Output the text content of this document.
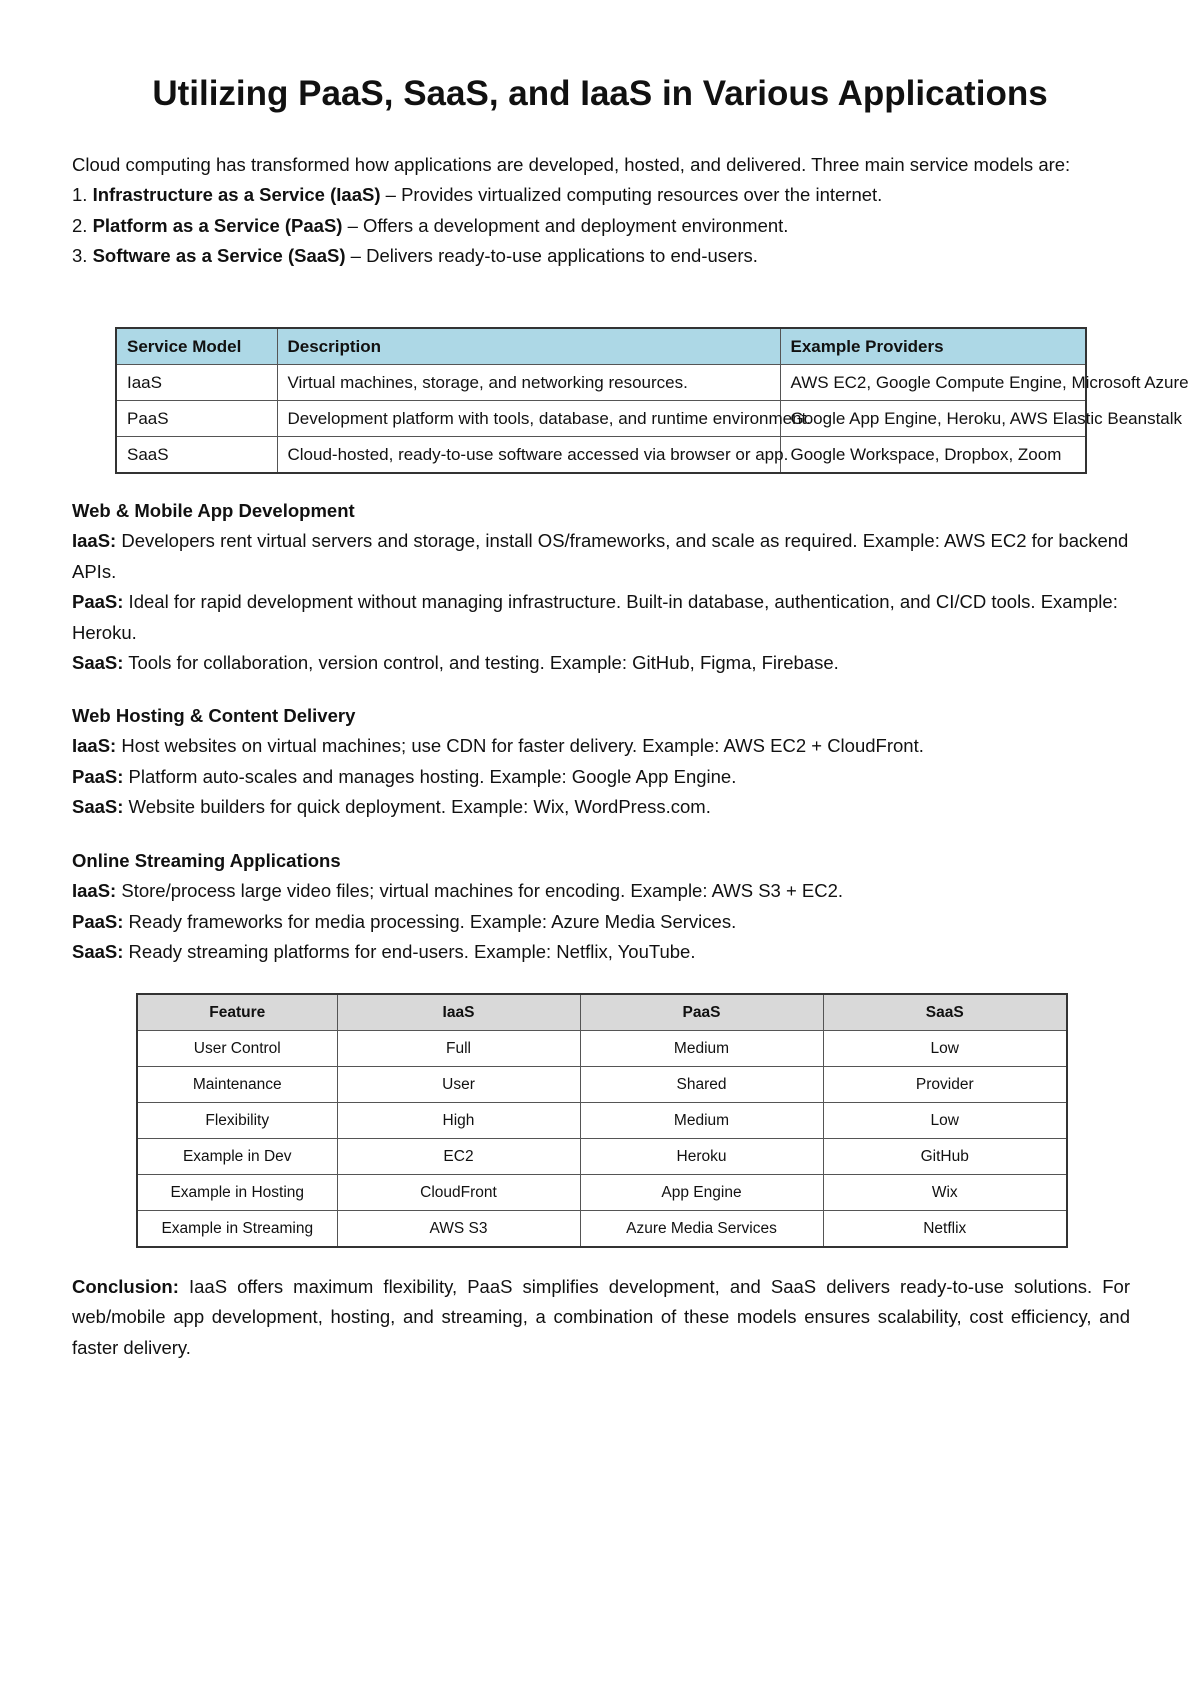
Utilizing PaaS, SaaS, and IaaS in Various Applications

Cloud computing has transformed how applications are developed, hosted, and delivered. Three main service models are:

1. Infrastructure as a Service (IaaS) – Provides virtualized computing resources over the internet.

2. Platform as a Service (PaaS) – Offers a development and deployment environment.

3. Software as a Service (SaaS) – Delivers ready-to-use applications to end-users.

Service Model	Description	Example Providers
IaaS	Virtual machines, storage, and networking resources.	AWS EC2, Google Compute Engine, Microsoft Azure
PaaS	Development platform with tools, database, and runtime environment.	Google App Engine, Heroku, AWS Elastic Beanstalk
SaaS	Cloud-hosted, ready-to-use software accessed via browser or app.	Google Workspace, Dropbox, Zoom

Web & Mobile App Development

IaaS: Developers rent virtual servers and storage, install OS/frameworks, and scale as required. Example: AWS EC2 for backend APIs.

PaaS: Ideal for rapid development without managing infrastructure. Built-in database, authentication, and CI/CD tools. Example: Heroku.

SaaS: Tools for collaboration, version control, and testing. Example: GitHub, Figma, Firebase.

Web Hosting & Content Delivery

IaaS: Host websites on virtual machines; use CDN for faster delivery. Example: AWS EC2 + CloudFront.

PaaS: Platform auto-scales and manages hosting. Example: Google App Engine.

SaaS: Website builders for quick deployment. Example: Wix, WordPress.com.

Online Streaming Applications

IaaS: Store/process large video files; virtual machines for encoding. Example: AWS S3 + EC2.

PaaS: Ready frameworks for media processing. Example: Azure Media Services.

SaaS: Ready streaming platforms for end-users. Example: Netflix, YouTube.

Feature	IaaS	PaaS	SaaS
User Control	Full	Medium	Low
Maintenance	User	Shared	Provider
Flexibility	High	Medium	Low
Example in Dev	EC2	Heroku	GitHub
Example in Hosting	CloudFront	App Engine	Wix
Example in Streaming	AWS S3	Azure Media Services	Netflix

Conclusion: IaaS offers maximum flexibility, PaaS simplifies development, and SaaS delivers ready-to-use solutions. For web/mobile app development, hosting, and streaming, a combination of these models ensures scalability, cost efficiency, and faster delivery.
